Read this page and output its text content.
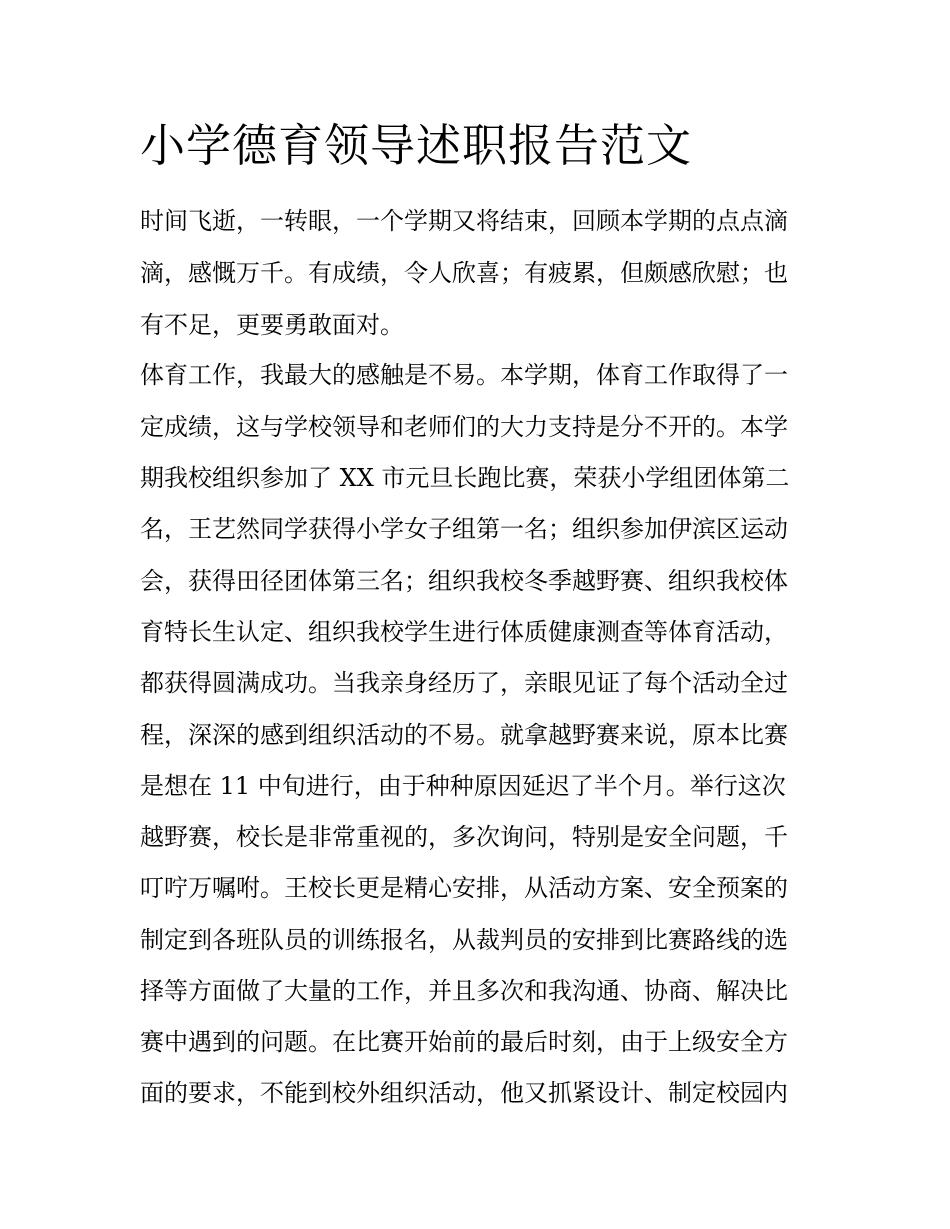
小学德育领导述职报告范文

时间飞逝，一转眼，一个学期又将结束，回顾本学期的点点滴

滴，感慨万千。有成绩，令人欣喜；有疲累，但颇感欣慰；也

有不足，更要勇敢面对。

体育工作，我最大的感触是不易。本学期，体育工作取得了一

定成绩，这与学校领导和老师们的大力支持是分不开的。本学

期我校组织参加了 XX 市元旦长跑比赛，荣获小学组团体第二

名，王艺然同学获得小学女子组第一名；组织参加伊滨区运动

会，获得田径团体第三名；组织我校冬季越野赛、组织我校体

育特长生认定、组织我校学生进行体质健康测查等体育活动，

都获得圆满成功。当我亲身经历了，亲眼见证了每个活动全过

程，深深的感到组织活动的不易。就拿越野赛来说，原本比赛

是想在 11 中旬进行，由于种种原因延迟了半个月。举行这次

越野赛，校长是非常重视的，多次询问，特别是安全问题，千

叮咛万嘱咐。王校长更是精心安排，从活动方案、安全预案的

制定到各班队员的训练报名，从裁判员的安排到比赛路线的选

择等方面做了大量的工作，并且多次和我沟通、协商、解决比

赛中遇到的问题。在比赛开始前的最后时刻，由于上级安全方

面的要求，不能到校外组织活动，他又抓紧设计、制定校园内
